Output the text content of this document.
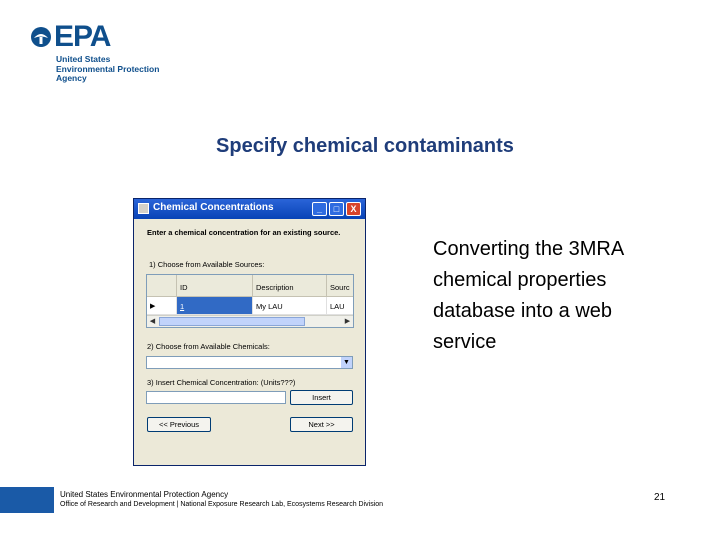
EPA
United States
Environmental Protection
Agency
Specify chemical contaminants
Chemical Concentrations	_	□	X
Enter a chemical concentration for an existing source.
1) Choose from Available Sources:
ID	Description	Sourc
▶	1	My LAU	LAU
◀	▶
2) Choose from Available Chemicals:
▼
3) Insert Chemical Concentration: (Units???)
Insert
<< Previous	Next >>
Converting the 3MRA chemical properties database into a web service
United States Environmental Protection Agency
Office of Research and Development | National Exposure Research Lab, Ecosystems Research Division
21
